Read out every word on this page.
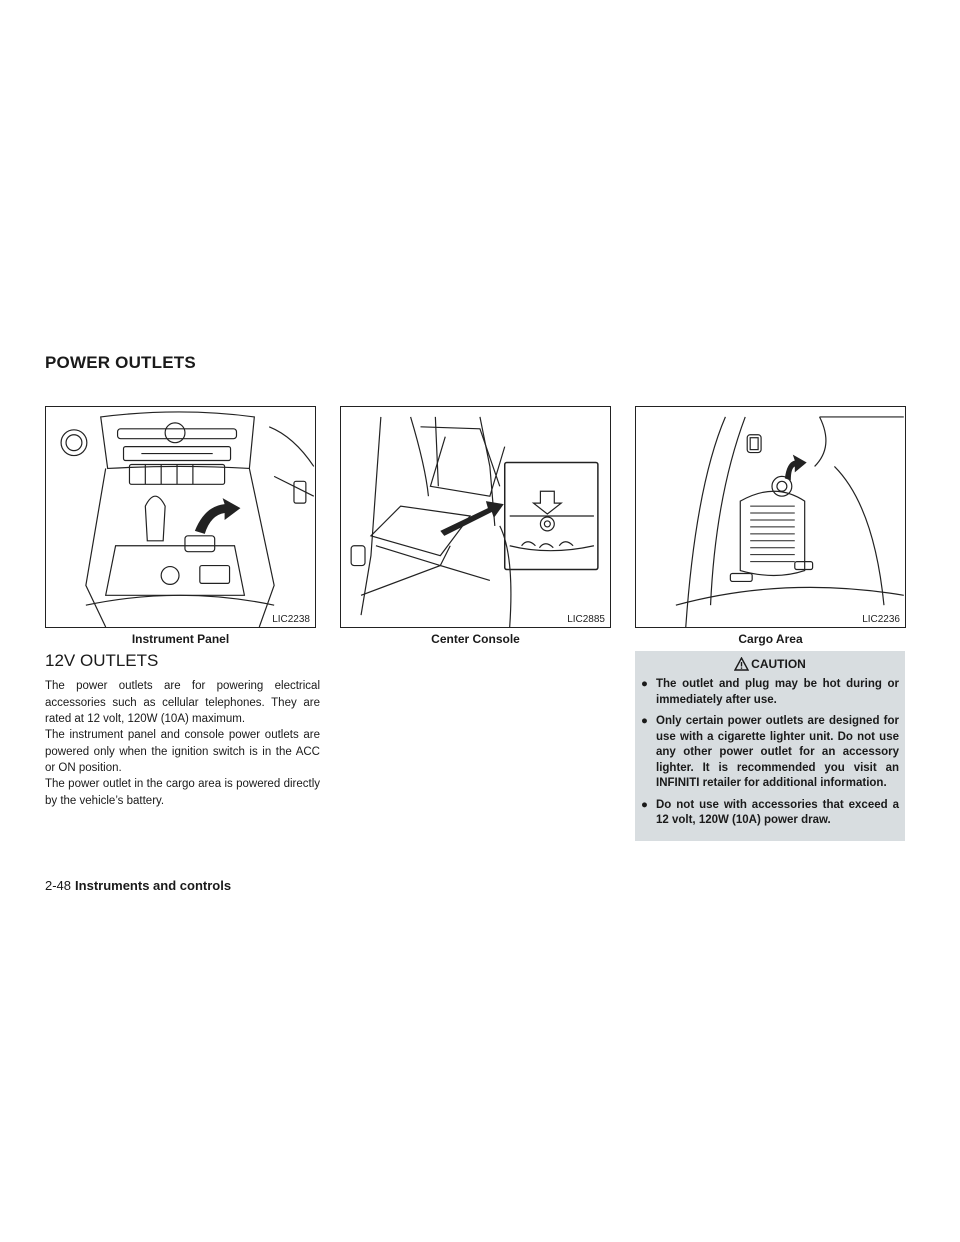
POWER OUTLETS
LIC2238
Instrument Panel
LIC2885
Center Console
LIC2236
Cargo Area
12V OUTLETS

The power outlets are for powering electrical accessories such as cellular telephones. They are rated at 12 volt, 120W (10A) maximum.

The instrument panel and console power outlets are powered only when the ignition switch is in the ACC or ON position.

The power outlet in the cargo area is powered directly by the vehicle’s battery.

CAUTION
● The outlet and plug may be hot during or immediately after use.
● Only certain power outlets are designed for use with a cigarette lighter unit. Do not use any other power outlet for an accessory lighter. It is recommended you visit an INFINITI retailer for additional information.
● Do not use with accessories that exceed a 12 volt, 120W (10A) power draw.
2-48 Instruments and controls
